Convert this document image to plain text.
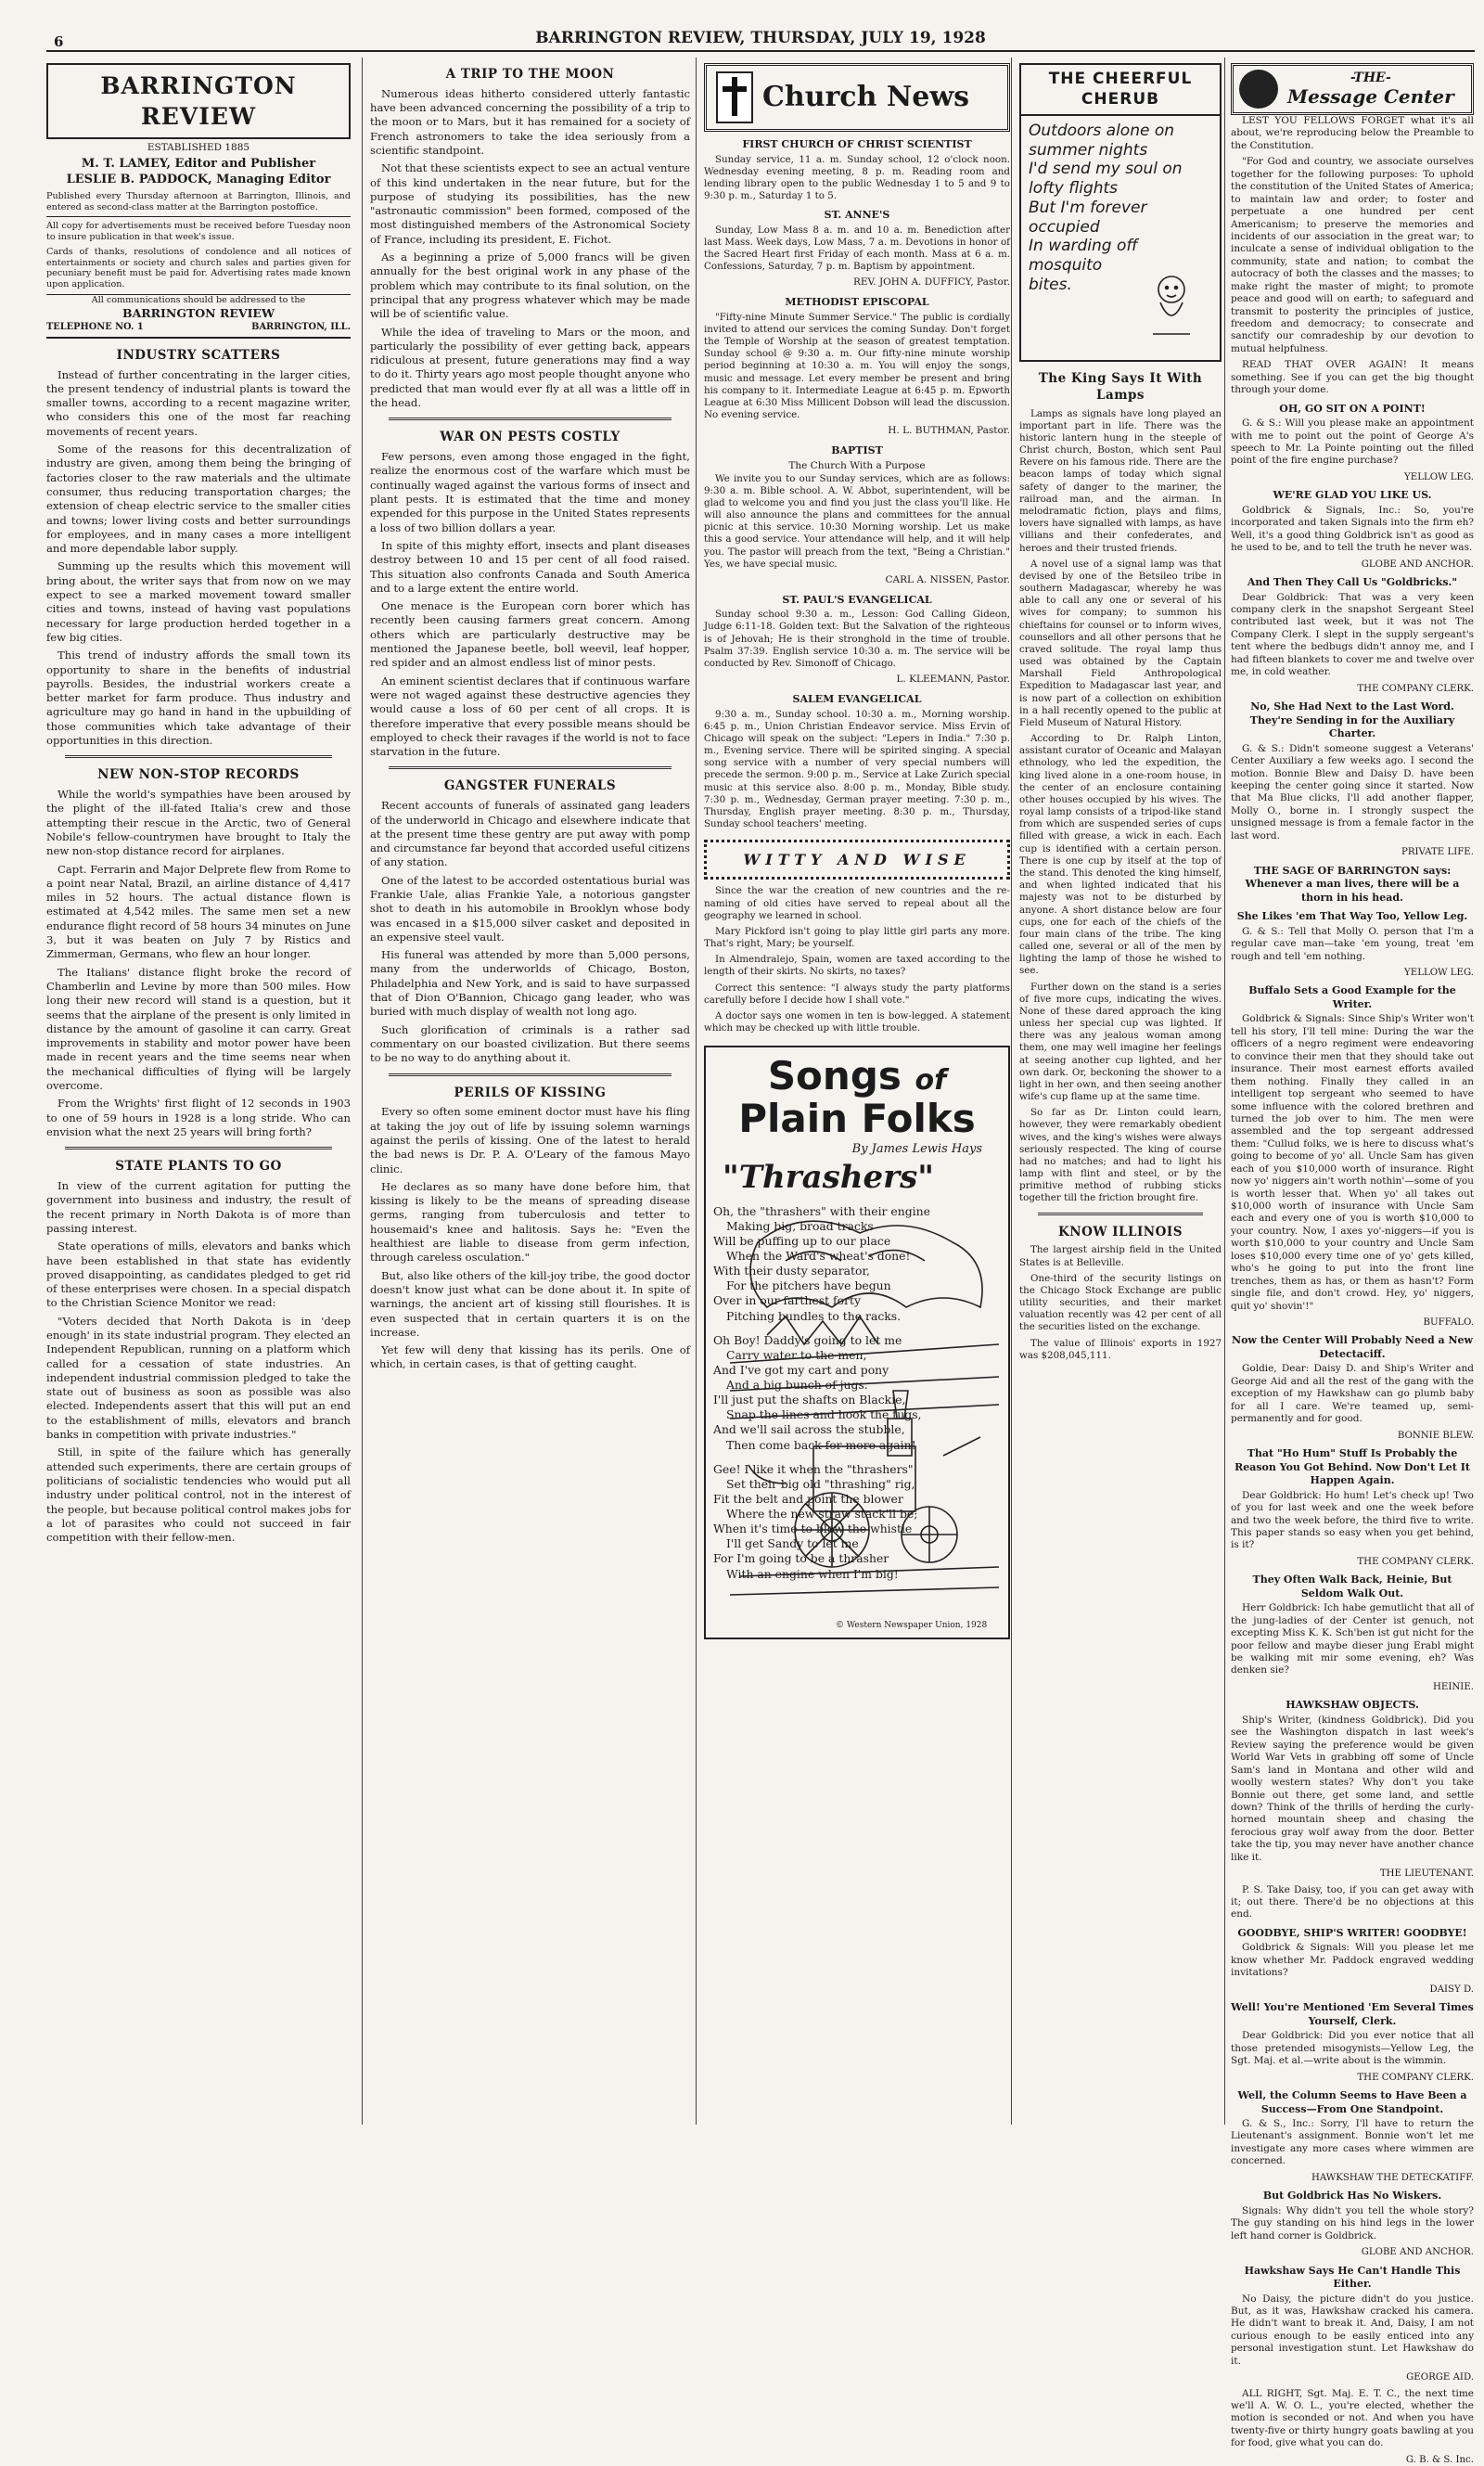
6	BARRINGTON REVIEW, THURSDAY, JULY 19, 1928
BARRINGTON REVIEW
ESTABLISHED 1885
M. T. LAMEY, Editor and Publisher
LESLIE B. PADDOCK, Managing Editor

Published every Thursday afternoon at Barrington, Illinois, and entered as second-class matter at the Barrington postoffice.

All copy for advertisements must be received before Tuesday noon to insure publication in that week's issue.

Cards of thanks, resolutions of condolence and all notices of entertainments or society and church sales and parties given for pecuniary benefit must be paid for. Advertising rates made known upon application.

All communications should be addressed to the
BARRINGTON REVIEW
TELEPHONE NO. 1	BARRINGTON, ILL.
INDUSTRY SCATTERS

Instead of further concentrating in the larger cities, the present tendency of industrial plants is toward the smaller towns, according to a recent magazine writer, who considers this one of the most far reaching movements of recent years.

Some of the reasons for this decentralization of industry are given, among them being the bringing of factories closer to the raw materials and the ultimate consumer, thus reducing transportation charges; the extension of cheap electric service to the smaller cities and towns; lower living costs and better surroundings for employees, and in many cases a more intelligent and more dependable labor supply.

Summing up the results which this movement will bring about, the writer says that from now on we may expect to see a marked movement toward smaller cities and towns, instead of having vast populations necessary for large production herded together in a few big cities.

This trend of industry affords the small town its opportunity to share in the benefits of industrial payrolls. Besides, the industrial workers create a better market for farm produce. Thus industry and agriculture may go hand in hand in the upbuilding of those communities which take advantage of their opportunities in this direction.

NEW NON-STOP RECORDS

While the world's sympathies have been aroused by the plight of the ill-fated Italia's crew and those attempting their rescue in the Arctic, two of General Nobile's fellow-countrymen have brought to Italy the new non-stop distance record for airplanes.

Capt. Ferrarin and Major Delprete flew from Rome to a point near Natal, Brazil, an airline distance of 4,417 miles in 52 hours. The actual distance flown is estimated at 4,542 miles. The same men set a new endurance flight record of 58 hours 34 minutes on June 3, but it was beaten on July 7 by Ristics and Zimmerman, Germans, who flew an hour longer.

The Italians' distance flight broke the record of Chamberlin and Levine by more than 500 miles. How long their new record will stand is a question, but it seems that the airplane of the present is only limited in distance by the amount of gasoline it can carry. Great improvements in stability and motor power have been made in recent years and the time seems near when the mechanical difficulties of flying will be largely overcome.

From the Wrights' first flight of 12 seconds in 1903 to one of 59 hours in 1928 is a long stride. Who can envision what the next 25 years will bring forth?

STATE PLANTS TO GO

In view of the current agitation for putting the government into business and industry, the result of the recent primary in North Dakota is of more than passing interest.

State operations of mills, elevators and banks which have been established in that state has evidently proved disappointing, as candidates pledged to get rid of these enterprises were chosen. In a special dispatch to the Christian Science Monitor we read:

"Voters decided that North Dakota is in 'deep enough' in its state industrial program. They elected an Independent Republican, running on a platform which called for a cessation of state industries. An independent industrial commission pledged to take the state out of business as soon as possible was also elected. Independents assert that this will put an end to the establishment of mills, elevators and branch banks in competition with private industries."

Still, in spite of the failure which has generally attended such experiments, there are certain groups of politicians of socialistic tendencies who would put all industry under political control, not in the interest of the people, but because political control makes jobs for a lot of parasites who could not succeed in fair competition with their fellow-men.

A TRIP TO THE MOON

Numerous ideas hitherto considered utterly fantastic have been advanced concerning the possibility of a trip to the moon or to Mars, but it has remained for a society of French astronomers to take the idea seriously from a scientific standpoint.

Not that these scientists expect to see an actual venture of this kind undertaken in the near future, but for the purpose of studying its possibilities, has the new "astronautic commission" been formed, composed of the most distinguished members of the Astronomical Society of France, including its president, E. Fichot.

As a beginning a prize of 5,000 francs will be given annually for the best original work in any phase of the problem which may contribute to its final solution, on the principal that any progress whatever which may be made will be of scientific value.

While the idea of traveling to Mars or the moon, and particularly the possibility of ever getting back, appears ridiculous at present, future generations may find a way to do it. Thirty years ago most people thought anyone who predicted that man would ever fly at all was a little off in the head.

WAR ON PESTS COSTLY

Few persons, even among those engaged in the fight, realize the enormous cost of the warfare which must be continually waged against the various forms of insect and plant pests. It is estimated that the time and money expended for this purpose in the United States represents a loss of two billion dollars a year.

In spite of this mighty effort, insects and plant diseases destroy between 10 and 15 per cent of all food raised. This situation also confronts Canada and South America and to a large extent the entire world.

One menace is the European corn borer which has recently been causing farmers great concern. Among others which are particularly destructive may be mentioned the Japanese beetle, boll weevil, leaf hopper, red spider and an almost endless list of minor pests.

An eminent scientist declares that if continuous warfare were not waged against these destructive agencies they would cause a loss of 60 per cent of all crops. It is therefore imperative that every possible means should be employed to check their ravages if the world is not to face starvation in the future.

GANGSTER FUNERALS

Recent accounts of funerals of assinated gang leaders of the underworld in Chicago and elsewhere indicate that at the present time these gentry are put away with pomp and circumstance far beyond that accorded useful citizens of any station.

One of the latest to be accorded ostentatious burial was Frankie Uale, alias Frankie Yale, a notorious gangster shot to death in his automobile in Brooklyn whose body was encased in a $15,000 silver casket and deposited in an expensive steel vault.

His funeral was attended by more than 5,000 persons, many from the underworlds of Chicago, Boston, Philadelphia and New York, and is said to have surpassed that of Dion O'Bannion, Chicago gang leader, who was buried with much display of wealth not long ago.

Such glorification of criminals is a rather sad commentary on our boasted civilization. But there seems to be no way to do anything about it.

PERILS OF KISSING

Every so often some eminent doctor must have his fling at taking the joy out of life by issuing solemn warnings against the perils of kissing. One of the latest to herald the bad news is Dr. P. A. O'Leary of the famous Mayo clinic.

He declares as so many have done before him, that kissing is likely to be the means of spreading disease germs, ranging from tuberculosis and tetter to housemaid's knee and halitosis. Says he: "Even the healthiest are liable to disease from germ infection, through careless osculation."

But, also like others of the kill-joy tribe, the good doctor doesn't know just what can be done about it. In spite of warnings, the ancient art of kissing still flourishes. It is even suspected that in certain quarters it is on the increase.

Yet few will deny that kissing has its perils. One of which, in certain cases, is that of getting caught.

Church News
FIRST CHURCH OF CHRIST SCIENTIST

Sunday service, 11 a. m. Sunday school, 12 o'clock noon. Wednesday evening meeting, 8 p. m. Reading room and lending library open to the public Wednesday 1 to 5 and 9 to 9:30 p. m., Saturday 1 to 5.

ST. ANNE'S

Sunday, Low Mass 8 a. m. and 10 a. m. Benediction after last Mass. Week days, Low Mass, 7 a. m. Devotions in honor of the Sacred Heart first Friday of each month. Mass at 6 a. m. Confessions, Saturday, 7 p. m. Baptism by appointment.

REV. JOHN A. DUFFICY, Pastor.
METHODIST EPISCOPAL

"Fifty-nine Minute Summer Service." The public is cordially invited to attend our services the coming Sunday. Don't forget the Temple of Worship at the season of greatest temptation. Sunday school @ 9:30 a. m. Our fifty-nine minute worship period beginning at 10:30 a. m. You will enjoy the songs, music and message. Let every member be present and bring his company to it. Intermediate League at 6:45 p. m. Epworth League at 6:30 Miss Millicent Dobson will lead the discussion. No evening service.

H. L. BUTHMAN, Pastor.
BAPTIST
The Church With a Purpose

We invite you to our Sunday services, which are as follows: 9:30 a. m. Bible school. A. W. Abbot, superintendent, will be glad to welcome you and find you just the class you'll like. He will also announce the plans and committees for the annual picnic at this service. 10:30 Morning worship. Let us make this a good service. Your attendance will help, and it will help you. The pastor will preach from the text, "Being a Christian." Yes, we have special music.

CARL A. NISSEN, Pastor.
ST. PAUL'S EVANGELICAL

Sunday school 9:30 a. m., Lesson: God Calling Gideon, Judge 6:11-18. Golden text: But the Salvation of the righteous is of Jehovah; He is their stronghold in the time of trouble. Psalm 37:39. English service 10:30 a. m. The service will be conducted by Rev. Simonoff of Chicago.

L. KLEEMANN, Pastor.
SALEM EVANGELICAL

9:30 a. m., Sunday school. 10:30 a. m., Morning worship. 6:45 p. m., Union Christian Endeavor service. Miss Ervin of Chicago will speak on the subject: "Lepers in India." 7:30 p. m., Evening service. There will be spirited singing. A special song service with a number of very special numbers will precede the sermon. 9:00 p. m., Service at Lake Zurich special music at this service also. 8:00 p. m., Monday, Bible study. 7:30 p. m., Wednesday, German prayer meeting. 7:30 p. m., Thursday, English prayer meeting. 8:30 p. m., Thursday, Sunday school teachers' meeting.

WITTY AND WISE

Since the war the creation of new countries and the re-naming of old cities have served to repeal about all the geography we learned in school.

Mary Pickford isn't going to play little girl parts any more. That's right, Mary; be yourself.

In Almendralejo, Spain, women are taxed according to the length of their skirts. No skirts, no taxes?

Correct this sentence: "I always study the party platforms carefully before I decide how I shall vote."

A doctor says one women in ten is bow-legged. A statement which may be checked up with little trouble.

Songs of Plain Folks
By James Lewis Hays
"Thrashers"
Oh, the "thrashers" with their engine
Making big, broad tracks
Will be puffing up to our place
When the Ward's wheat's done!
With their dusty separator,
For the pitchers have begun
Over in our farthest forty
Pitching bundles to the racks.
Oh Boy! Daddy's going to let me
Carry water to the men,
And I've got my cart and pony
And a big bunch of jugs.
I'll just put the shafts on Blackie,
Snap the lines and hook the tugs,
And we'll sail across the stubble,
Then come back for more again!
Gee! I like it when the "thrashers"
Set their big old "thrashing" rig,
Fit the belt and point the blower
Where the new straw stack'll be;
When it's time to blow the whistle
I'll get Sandy to let me
For I'm going to be a thrasher
With an engine when I'm big!
© Western Newspaper Union, 1928
THE CHEERFUL CHERUB
Outdoors alone on
summer nights
I'd send my soul on
lofty flights
But I'm forever
occupied
In warding off
mosquito
bites.
The King Says It With Lamps

Lamps as signals have long played an important part in life. There was the historic lantern hung in the steeple of Christ church, Boston, which sent Paul Revere on his famous ride. There are the beacon lamps of today which signal safety of danger to the mariner, the railroad man, and the airman. In melodramatic fiction, plays and films, lovers have signalled with lamps, as have villians and their confederates, and heroes and their trusted friends.

A novel use of a signal lamp was that devised by one of the Betsileo tribe in southern Madagascar, whereby he was able to call any one or several of his wives for company; to summon his chieftains for counsel or to inform wives, counsellors and all other persons that he craved solitude. The royal lamp thus used was obtained by the Captain Marshall Field Anthropological Expedition to Madagascar last year, and is now part of a collection on exhibition in a hall recently opened to the public at Field Museum of Natural History.

According to Dr. Ralph Linton, assistant curator of Oceanic and Malayan ethnology, who led the expedition, the king lived alone in a one-room house, in the center of an enclosure containing other houses occupied by his wives. The royal lamp consists of a tripod-like stand from which are suspended series of cups filled with grease, a wick in each. Each cup is identified with a certain person. There is one cup by itself at the top of the stand. This denoted the king himself, and when lighted indicated that his majesty was not to be disturbed by anyone. A short distance below are four cups, one for each of the chiefs of the four main clans of the tribe. The king called one, several or all of the men by lighting the lamp of those he wished to see.

Further down on the stand is a series of five more cups, indicating the wives. None of these dared approach the king unless her special cup was lighted. If there was any jealous woman among them, one may well imagine her feelings at seeing another cup lighted, and her own dark. Or, beckoning the shower to a light in her own, and then seeing another wife's cup flame up at the same time.

So far as Dr. Linton could learn, however, they were remarkably obedient wives, and the king's wishes were always seriously respected. The king of course had no matches; and had to light his lamp with flint and steel, or by the primitive method of rubbing sticks together till the friction brought fire.

KNOW ILLINOIS

The largest airship field in the United States is at Belleville.

One-third of the security listings on the Chicago Stock Exchange are public utility securities, and their market valuation recently was 42 per cent of all the securities listed on the exchange.

The value of Illinois' exports in 1927 was $208,045,111.

-THE-
Message Center

LEST YOU FELLOWS FORGET what it's all about, we're reproducing below the Preamble to the Constitution.

"For God and country, we associate ourselves together for the following purposes: To uphold the constitution of the United States of America; to maintain law and order; to foster and perpetuate a one hundred per cent Americanism; to preserve the memories and incidents of our association in the great war; to inculcate a sense of individual obligation to the community, state and nation; to combat the autocracy of both the classes and the masses; to make right the master of might; to promote peace and good will on earth; to safeguard and transmit to posterity the principles of justice, freedom and democracy; to consecrate and sanctify our comradeship by our devotion to mutual helpfulness.

READ THAT OVER AGAIN! It means something. See if you can get the big thought through your dome.

OH, GO SIT ON A POINT!

G. & S.: Will you please make an appointment with me to point out the point of George A's speech to Mr. La Pointe pointing out the filled point of the fire engine purchase?

YELLOW LEG.
WE'RE GLAD YOU LIKE US.

Goldbrick & Signals, Inc.: So, you're incorporated and taken Signals into the firm eh? Well, it's a good thing Goldbrick isn't as good as he used to be, and to tell the truth he never was.

GLOBE AND ANCHOR.
And Then They Call Us "Goldbricks."

Dear Goldbrick: That was a very keen company clerk in the snapshot Sergeant Steel contributed last week, but it was not The Company Clerk. I slept in the supply sergeant's tent where the bedbugs didn't annoy me, and I had fifteen blankets to cover me and twelve over me, in cold weather.

THE COMPANY CLERK.
No, She Had Next to the Last Word. They're Sending in for the Auxiliary Charter.

G. & S.: Didn't someone suggest a Veterans' Center Auxiliary a few weeks ago. I second the motion. Bonnie Blew and Daisy D. have been keeping the center going since it started. Now that Ma Blue clicks, I'll add another flapper, Molly O., borne in. I strongly suspect the unsigned message is from a female factor in the last word.

PRIVATE LIFE.
THE SAGE OF BARRINGTON says: Whenever a man lives, there will be a thorn in his head.
She Likes 'em That Way Too, Yellow Leg.

G. & S.: Tell that Molly O. person that I'm a regular cave man—take 'em young, treat 'em rough and tell 'em nothing.

YELLOW LEG.
Buffalo Sets a Good Example for the Writer.

Goldbrick & Signals: Since Ship's Writer won't tell his story, I'll tell mine: During the war the officers of a negro regiment were endeavoring to convince their men that they should take out insurance. Their most earnest efforts availed them nothing. Finally they called in an intelligent top sergeant who seemed to have some influence with the colored brethren and turned the job over to him. The men were assembled and the top sergeant addressed them: "Cullud folks, we is here to discuss what's going to become of yo' all. Uncle Sam has given each of you $10,000 worth of insurance. Right now yo' niggers ain't worth nothin'—some of you is worth lesser that. When yo' all takes out $10,000 worth of insurance with Uncle Sam each and every one of you is worth $10,000 to your country. Now, I axes yo'-niggers—if you is worth $10,000 to your country and Uncle Sam loses $10,000 every time one of yo' gets killed, who's he going to put into the front line trenches, them as has, or them as hasn't? Form single file, and don't crowd. Hey, yo' niggers, quit yo' shovin'!"

BUFFALO.
Now the Center Will Probably Need a New Detectaciff.

Goldie, Dear: Daisy D. and Ship's Writer and George Aid and all the rest of the gang with the exception of my Hawkshaw can go plumb baby for all I care. We're teamed up, semi-permanently and for good.

BONNIE BLEW.
That "Ho Hum" Stuff Is Probably the Reason You Got Behind. Now Don't Let It Happen Again.

Dear Goldbrick: Ho hum! Let's check up! Two of you for last week and one the week before and two the week before, the third five to write. This paper stands so easy when you get behind, is it?

THE COMPANY CLERK.
They Often Walk Back, Heinie, But Seldom Walk Out.

Herr Goldbrick: Ich habe gemutlicht that all of the jung-ladies of der Center ist genuch, not excepting Miss K. K. Sch'ben ist gut nicht for the poor fellow and maybe dieser jung Erabl might be walking mit mir some evening, eh? Was denken sie?

HEINIE.
HAWKSHAW OBJECTS.

Ship's Writer, (kindness Goldbrick). Did you see the Washington dispatch in last week's Review saying the preference would be given World War Vets in grabbing off some of Uncle Sam's land in Montana and other wild and woolly western states? Why don't you take Bonnie out there, get some land, and settle down? Think of the thrills of herding the curly-horned mountain sheep and chasing the ferocious gray wolf away from the door. Better take the tip, you may never have another chance like it.

THE LIEUTENANT.

P. S. Take Daisy, too, if you can get away with it; out there. There'd be no objections at this end.

GOODBYE, SHIP'S WRITER! GOODBYE!

Goldbrick & Signals: Will you please let me know whether Mr. Paddock engraved wedding invitations?

DAISY D.
Well! You're Mentioned 'Em Several Times Yourself, Clerk.

Dear Goldbrick: Did you ever notice that all those pretended misogynists—Yellow Leg, the Sgt. Maj. et al.—write about is the wimmin.

THE COMPANY CLERK.
Well, the Column Seems to Have Been a Success—From One Standpoint.

G. & S., Inc.: Sorry, I'll have to return the Lieutenant's assignment. Bonnie won't let me investigate any more cases where wimmen are concerned.

HAWKSHAW THE DETECKATIFF.
But Goldbrick Has No Wiskers.

Signals: Why didn't you tell the whole story? The guy standing on his hind legs in the lower left hand corner is Goldbrick.

GLOBE AND ANCHOR.
Hawkshaw Says He Can't Handle This Either.

No Daisy, the picture didn't do you justice. But, as it was, Hawkshaw cracked his camera. He didn't want to break it. And, Daisy, I am not curious enough to be easily enticed into any personal investigation stunt. Let Hawkshaw do it.

GEORGE AID.

ALL RIGHT, Sgt. Maj. E. T. C., the next time we'll A. W. O. L., you're elected, whether the motion is seconded or not. And when you have twenty-five or thirty hungry goats bawling at you for food, give what you can do.

G. B. & S. Inc.
